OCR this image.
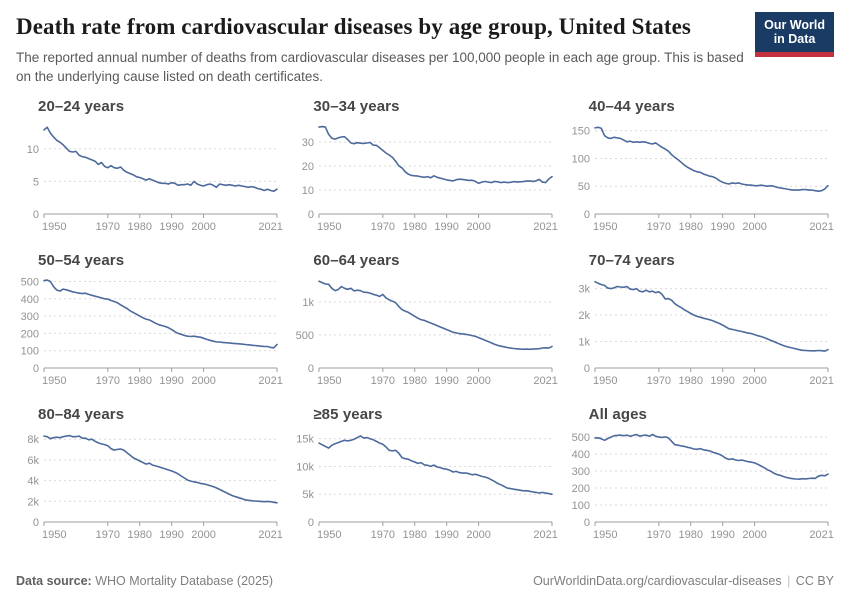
Death rate from cardiovascular diseases by age group, United States	Our World
in Data

The reported annual number of deaths from cardiovascular diseases per 100,000 people in each age group. This is based on the underlying cause listed on death certificates.

20–24 years
0
5
10
1950	1970 1980 1990 2000	2021
30–34 years
0
10
20
30
1950	1970 1980 1990 2000	2021
40–44 years
0
50
100
150
1950	1970 1980 1990 2000	2021
50–54 years
0
100
200
300
400
500
1950	1970 1980 1990 2000	2021
60–64 years
0
500
1k
1950	1970 1980 1990 2000	2021
70–74 years
0
1k
2k
3k
1950	1970 1980 1990 2000	2021
80–84 years
0
2k
4k
6k
8k
1950	1970 1980 1990 2000	2021
≥85 years
0
5k
10k
15k
1950	1970 1980 1990 2000	2021
All ages
0
100
200
300
400
500
1950	1970 1980 1990 2000	2021
Data source: WHO Mortality Database (2025)	OurWorldinData.org/cardiovascular-diseases | CC BY
